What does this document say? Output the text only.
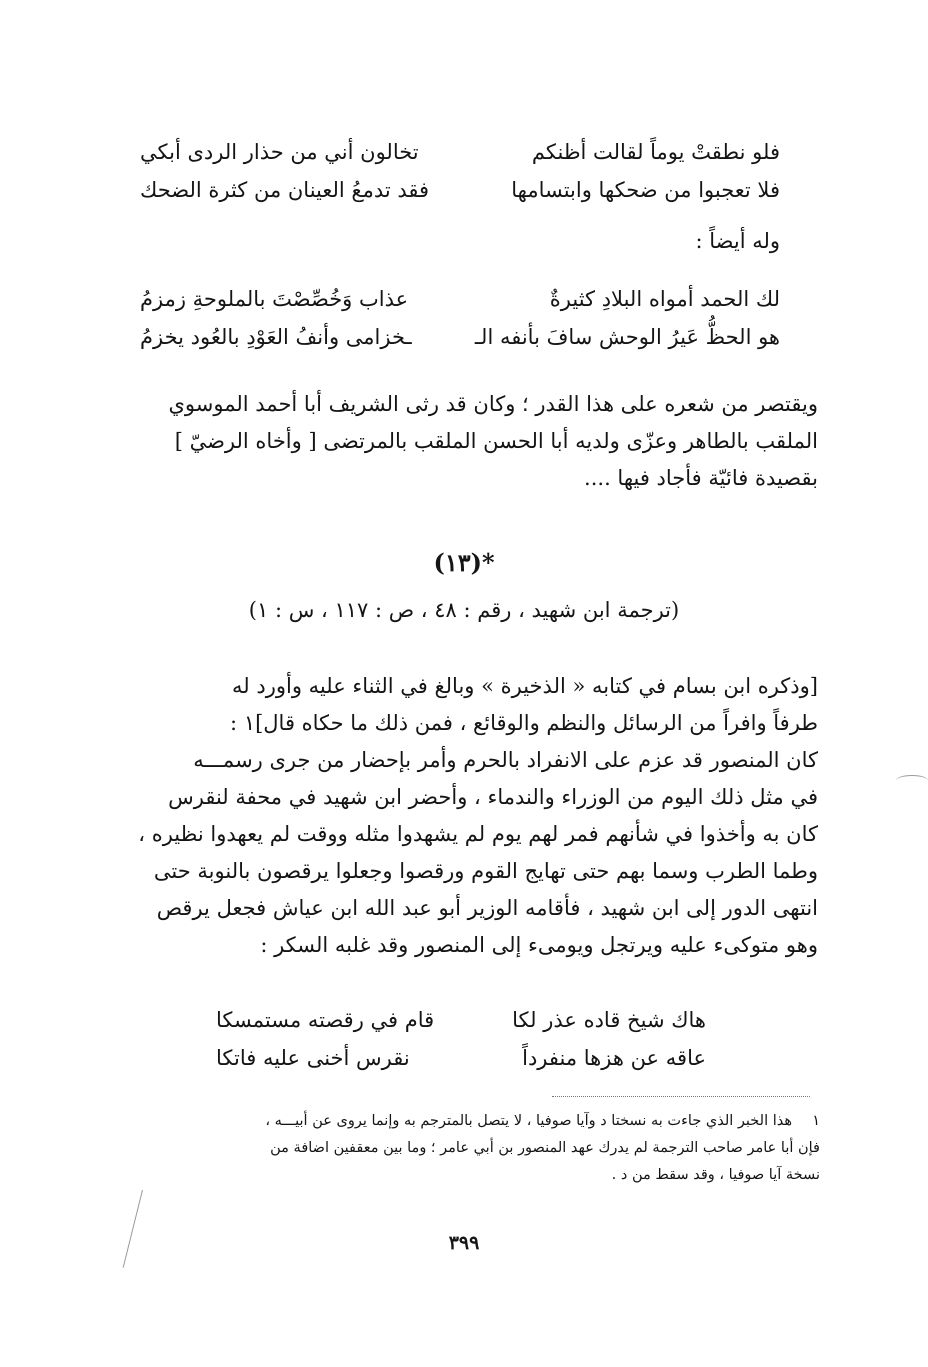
فلو نطقتْ يوماً لقالت أظنكم
تخالون أني من حذار الردى أبكي
فلا تعجبوا من ضحكها وابتسامها
فقد تدمعُ العينان من كثرة الضحك
وله أيضاً :
لك الحمد أمواه البلادِ كثيرةٌ
عذاب وَخُصِّصْتَ بالملوحةِ زمزمُ
هو الحظُّ عَيرُ الوحش سافَ بأنفه الـ
ـخزامى وأنفُ العَوْدِ بالعُود يخزمُ
ويقتصر من شعره على هذا القدر ؛ وكان قد رثى الشريف أبا أحمد الموسوي
الملقب بالطاهر وعزّى ولديه أبا الحسن الملقب بالمرتضى [ وأخاه الرضيّ ]
بقصيدة فائيّة فأجاد فيها ....
*(١٣)
(ترجمة ابن شهيد ، رقم : ٤٨ ، ص : ١١٧ ، س : ١)
[وذكره ابن بسام في كتابه « الذخيرة » وبالغ في الثناء عليه وأورد له
طرفاً وافراً من الرسائل والنظم والوقائع ، فمن ذلك ما حكاه قال]١ :
كان المنصور قد عزم على الانفراد بالحرم وأمر بإحضار من جرى رسمـــه
في مثل ذلك اليوم من الوزراء والندماء ، وأحضر ابن شهيد في محفة لنقرس
كان به وأخذوا في شأنهم فمر لهم يوم لم يشهدوا مثله ووقت لم يعهدوا نظيره ،
وطما الطرب وسما بهم حتى تهايج القوم ورقصوا وجعلوا يرقصون بالنوبة حتى
انتهى الدور إلى ابن شهيد ، فأقامه الوزير أبو عبد الله ابن عياش فجعل يرقص
وهو متوكىء عليه ويرتجل ويومىء إلى المنصور وقد غلبه السكر :
هاك شيخ قاده عذر لكا
قام في رقصته مستمسكا
عاقه عن هزها منفرداً
نقرس أخنى عليه فاتكا
١هذا الخبر الذي جاءت به نسختا د وآيا صوفيا ، لا يتصل بالمترجم به وإنما يروى عن أبيـــه ،
فإن أبا عامر صاحب الترجمة لم يدرك عهد المنصور بن أبي عامر ؛ وما بين معقفين اضافة من
نسخة آيا صوفيا ، وقد سقط من د .
٣٩٩
